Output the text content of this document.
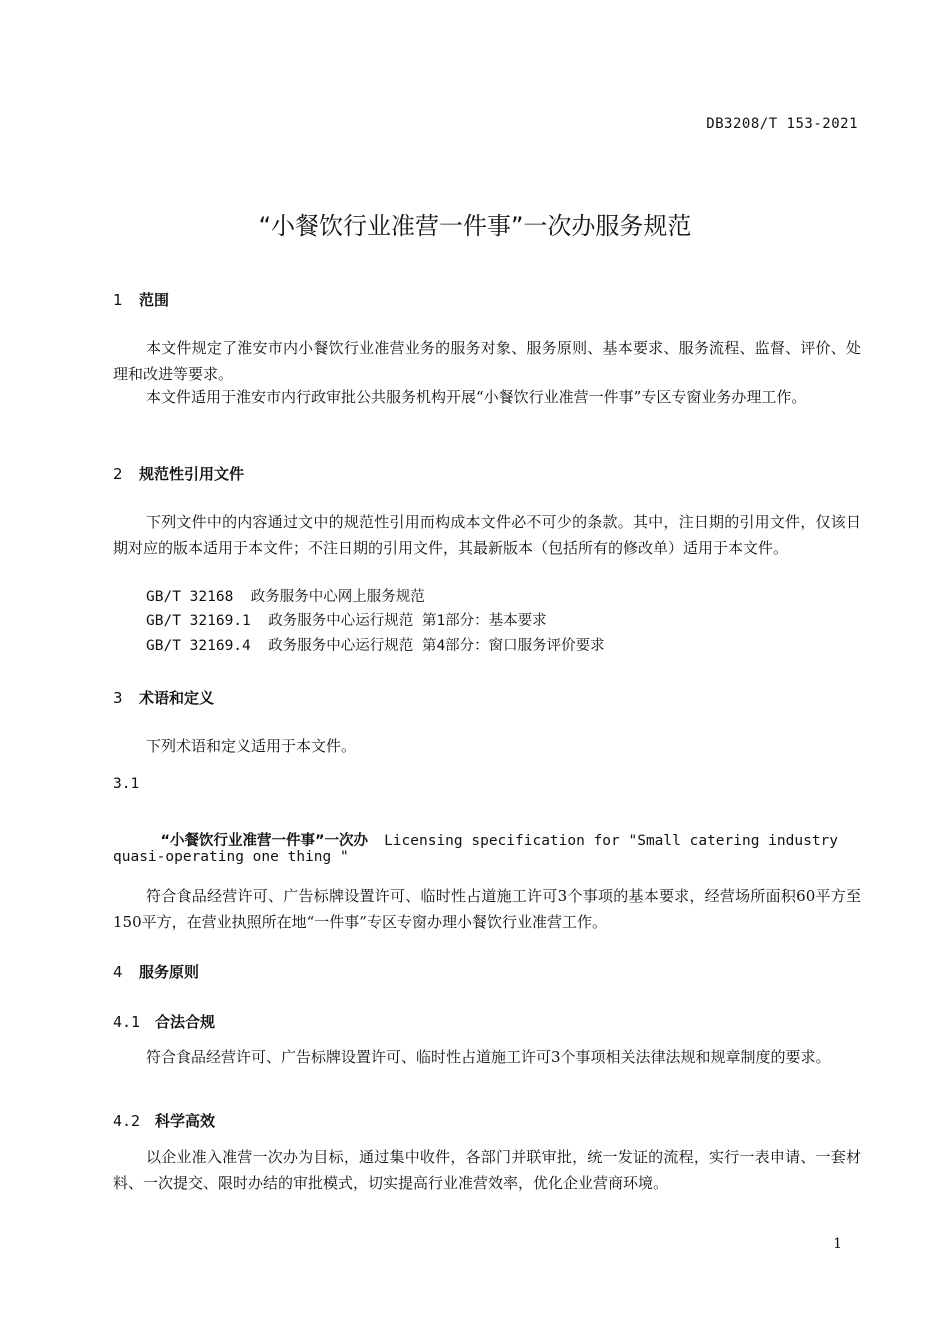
DB3208/T 153-2021
“小餐饮行业准营一件事”一次办服务规范
1 范围
本文件规定了淮安市内小餐饮行业准营业务的服务对象、服务原则、基本要求、服务流程、监督、评价、处理和改进等要求。
本文件适用于淮安市内行政审批公共服务机构开展“小餐饮行业准营一件事”专区专窗业务办理工作。
2 规范性引用文件
下列文件中的内容通过文中的规范性引用而构成本文件必不可少的条款。其中，注日期的引用文件，仅该日期对应的版本适用于本文件；不注日期的引用文件，其最新版本（包括所有的修改单）适用于本文件。
GB/T 32168  政务服务中心网上服务规范
GB/T 32169.1  政务服务中心运行规范 第1部分：基本要求
GB/T 32169.4  政务服务中心运行规范 第4部分：窗口服务评价要求
3 术语和定义
下列术语和定义适用于本文件。
3.1

“小餐饮行业准营一件事”一次办 Licensing specification for "Small catering industry

quasi-operating one thing "
符合食品经营许可、广告标牌设置许可、临时性占道施工许可3个事项的基本要求，经营场所面积60平方至150平方，在营业执照所在地“一件事”专区专窗办理小餐饮行业准营工作。
4 服务原则
4.1 合法合规
符合食品经营许可、广告标牌设置许可、临时性占道施工许可3个事项相关法律法规和规章制度的要求。
4.2 科学高效
以企业准入准营一次办为目标，通过集中收件，各部门并联审批，统一发证的流程，实行一表申请、一套材料、一次提交、限时办结的审批模式，切实提高行业准营效率，优化企业营商环境。
1
